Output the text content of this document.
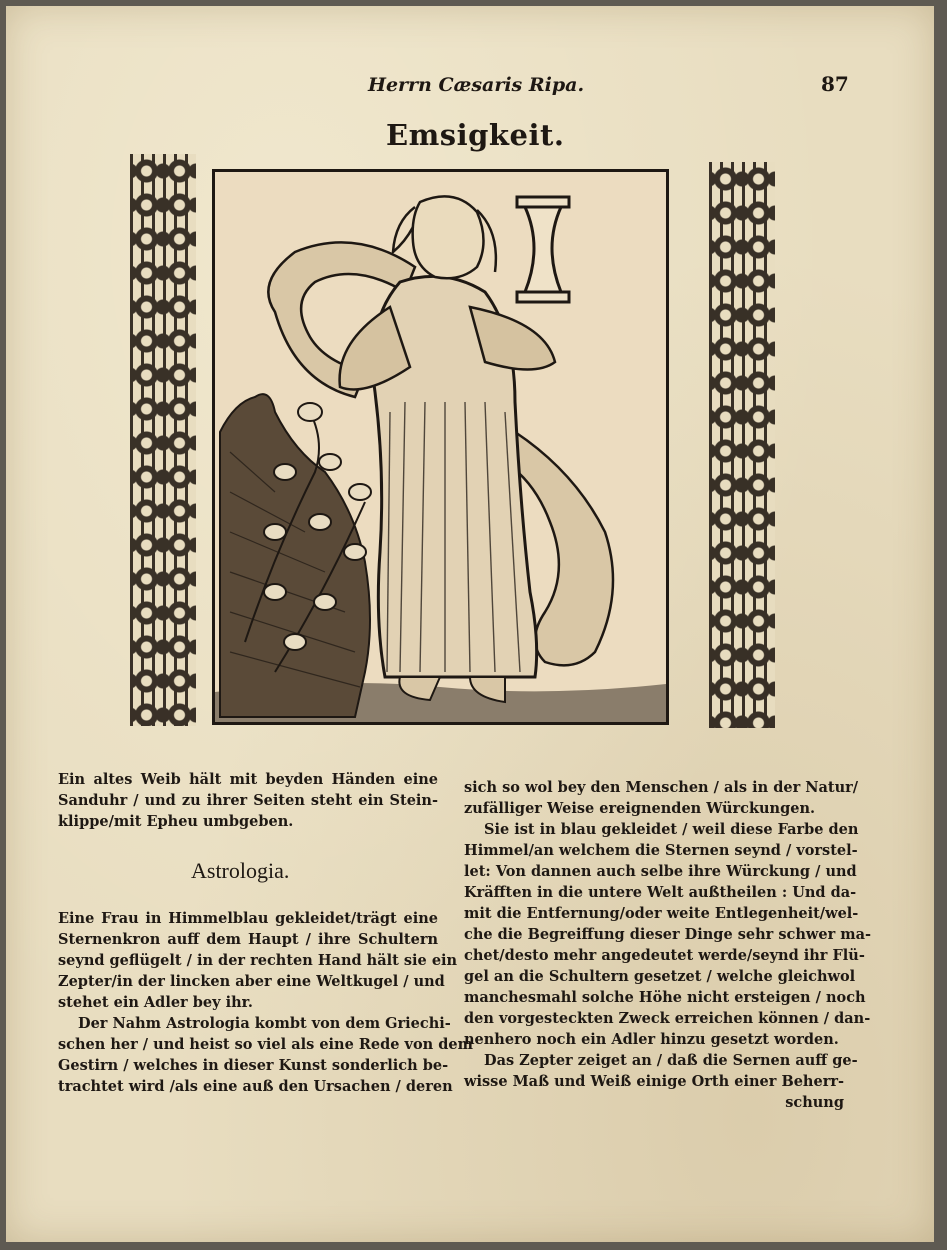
Herrn Cæsaris Ripa.	87
Emsigkeit.
Ein altes Weib hält mit beyden Händen eine
Sanduhr / und zu ihrer Seiten steht ein Stein-
klippe/mit Epheu umbgeben.
Astrologia.
Eine Frau in Himmelblau gekleidet/trägt eine
Sternenkron auff dem Haupt / ihre Schultern
seynd geflügelt / in der rechten Hand hält sie ein
Zepter/in der lincken aber eine Weltkugel / und
stehet ein Adler bey ihr.
Der Nahm Astrologia kombt von dem Griechi-
schen her / und heist so viel als eine Rede von dem
Gestirn / welches in dieser Kunst sonderlich be-
trachtet wird /als eine auß den Ursachen / deren
sich so wol bey den Menschen / als in der Natur/
zufälliger Weise ereignenden Würckungen.
Sie ist in blau gekleidet / weil diese Farbe den
Himmel/an welchem die Sternen seynd / vorstel-
let: Von dannen auch selbe ihre Würckung / und
Kräfften in die untere Welt außtheilen : Und da-
mit die Entfernung/oder weite Entlegenheit/wel-
che die Begreiffung dieser Dinge sehr schwer ma-
chet/desto mehr angedeutet werde/seynd ihr Flü-
gel an die Schultern gesetzet / welche gleichwol
manchesmahl solche Höhe nicht ersteigen / noch
den vorgesteckten Zweck erreichen können / dan-
nenhero noch ein Adler hinzu gesetzt worden.
Das Zepter zeiget an / daß die Sernen auff ge-
wisse Maß und Weiß einige Orth einer Beherr-
schung
